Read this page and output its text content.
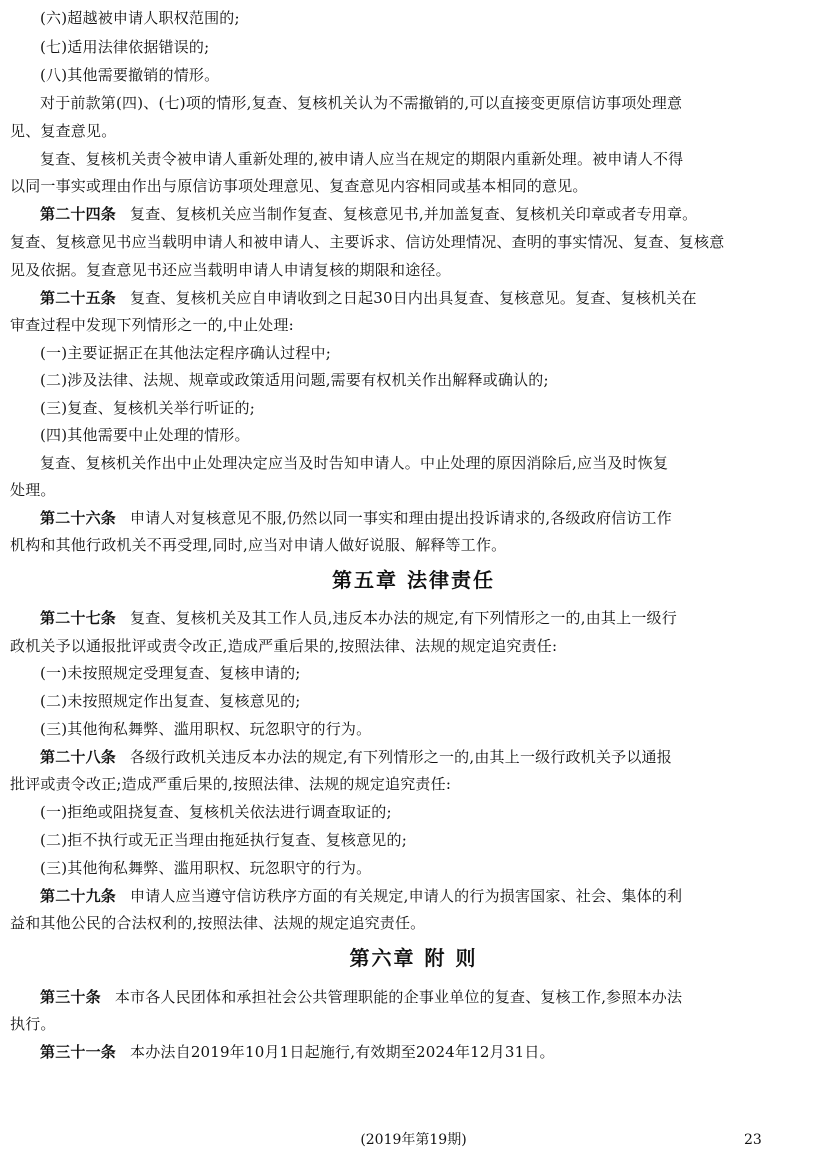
(六)超越被申请人职权范围的;
(七)适用法律依据错误的;
(八)其他需要撤销的情形。
对于前款第(四)、(七)项的情形,复查、复核机关认为不需撤销的,可以直接变更原信访事项处理意
见、复查意见。
复查、复核机关责令被申请人重新处理的,被申请人应当在规定的期限内重新处理。被申请人不得
以同一事实或理由作出与原信访事项处理意见、复查意见内容相同或基本相同的意见。
第二十四条 复查、复核机关应当制作复查、复核意见书,并加盖复查、复核机关印章或者专用章。
复查、复核意见书应当载明申请人和被申请人、主要诉求、信访处理情况、查明的事实情况、复查、复核意
见及依据。复查意见书还应当载明申请人申请复核的期限和途径。
第二十五条 复查、复核机关应自申请收到之日起30日内出具复查、复核意见。复查、复核机关在
审查过程中发现下列情形之一的,中止处理:
(一)主要证据正在其他法定程序确认过程中;
(二)涉及法律、法规、规章或政策适用问题,需要有权机关作出解释或确认的;
(三)复查、复核机关举行听证的;
(四)其他需要中止处理的情形。
复查、复核机关作出中止处理决定应当及时告知申请人。中止处理的原因消除后,应当及时恢复
处理。
第二十六条 申请人对复核意见不服,仍然以同一事实和理由提出投诉请求的,各级政府信访工作
机构和其他行政机关不再受理,同时,应当对申请人做好说服、解释等工作。
第五章 法律责任
第二十七条 复查、复核机关及其工作人员,违反本办法的规定,有下列情形之一的,由其上一级行
政机关予以通报批评或责令改正,造成严重后果的,按照法律、法规的规定追究责任:
(一)未按照规定受理复查、复核申请的;
(二)未按照规定作出复查、复核意见的;
(三)其他徇私舞弊、滥用职权、玩忽职守的行为。
第二十八条 各级行政机关违反本办法的规定,有下列情形之一的,由其上一级行政机关予以通报
批评或责令改正;造成严重后果的,按照法律、法规的规定追究责任:
(一)拒绝或阻挠复查、复核机关依法进行调查取证的;
(二)拒不执行或无正当理由拖延执行复查、复核意见的;
(三)其他徇私舞弊、滥用职权、玩忽职守的行为。
第二十九条 申请人应当遵守信访秩序方面的有关规定,申请人的行为损害国家、社会、集体的利
益和其他公民的合法权利的,按照法律、法规的规定追究责任。
第六章 附 则
第三十条 本市各人民团体和承担社会公共管理职能的企事业单位的复查、复核工作,参照本办法
执行。
第三十一条 本办法自2019年10月1日起施行,有效期至2024年12月31日。
(2019年第19期)	23
